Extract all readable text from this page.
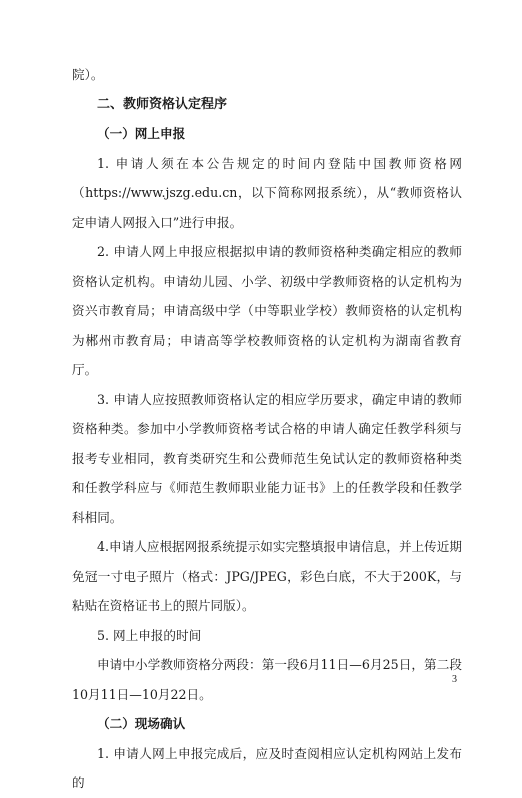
院）。

二、教师资格认定程序

（一）网上申报

1. 申请人须在本公告规定的时间内登陆中国教师资格网（https://www.jszg.edu.cn，以下简称网报系统），从“教师资格认定申请人网报入口”进行申报。

2. 申请人网上申报应根据拟申请的教师资格种类确定相应的教师资格认定机构。申请幼儿园、小学、初级中学教师资格的认定机构为资兴市教育局；申请高级中学（中等职业学校）教师资格的认定机构为郴州市教育局；申请高等学校教师资格的认定机构为湖南省教育厅。

3. 申请人应按照教师资格认定的相应学历要求，确定申请的教师资格种类。参加中小学教师资格考试合格的申请人确定任教学科须与报考专业相同，教育类研究生和公费师范生免试认定的教师资格种类和任教学科应与《师范生教师职业能力证书》上的任教学段和任教学科相同。

4.申请人应根据网报系统提示如实完整填报申请信息，并上传近期免冠一寸电子照片（格式：JPG/JPEG，彩色白底，不大于200K，与粘贴在资格证书上的照片同版）。

5. 网上申报的时间

申请中小学教师资格分两段：第一段6月11日—6月25日，第二段10月11日—10月22日。

（二）现场确认

1. 申请人网上申报完成后，应及时查阅相应认定机构网站上发布的

3
